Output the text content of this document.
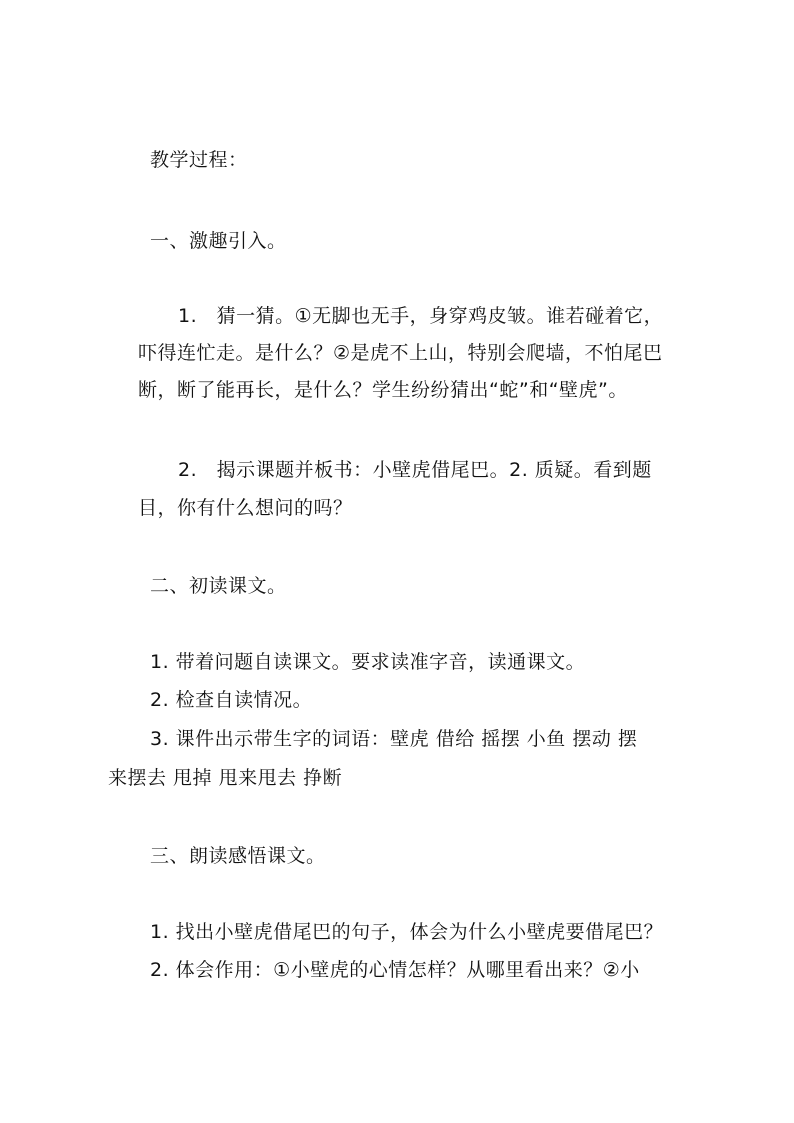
教学过程：
一、激趣引入。
1.　猜一猜。①无脚也无手，身穿鸡皮皱。谁若碰着它，
吓得连忙走。是什么？②是虎不上山，特别会爬墙，不怕尾巴
断，断了能再长，是什么？学生纷纷猜出“蛇”和“壁虎”。
2.　揭示课题并板书：小壁虎借尾巴。2. 质疑。看到题
目，你有什么想问的吗？
二、初读课文。
1. 带着问题自读课文。要求读准字音，读通课文。
2. 检查自读情况。
3. 课件出示带生字的词语：壁虎 借给 摇摆 小鱼 摆动 摆
来摆去 甩掉 甩来甩去 挣断
三、朗读感悟课文。
1. 找出小壁虎借尾巴的句子，体会为什么小壁虎要借尾巴？
2. 体会作用：①小壁虎的心情怎样？从哪里看出来？②小
